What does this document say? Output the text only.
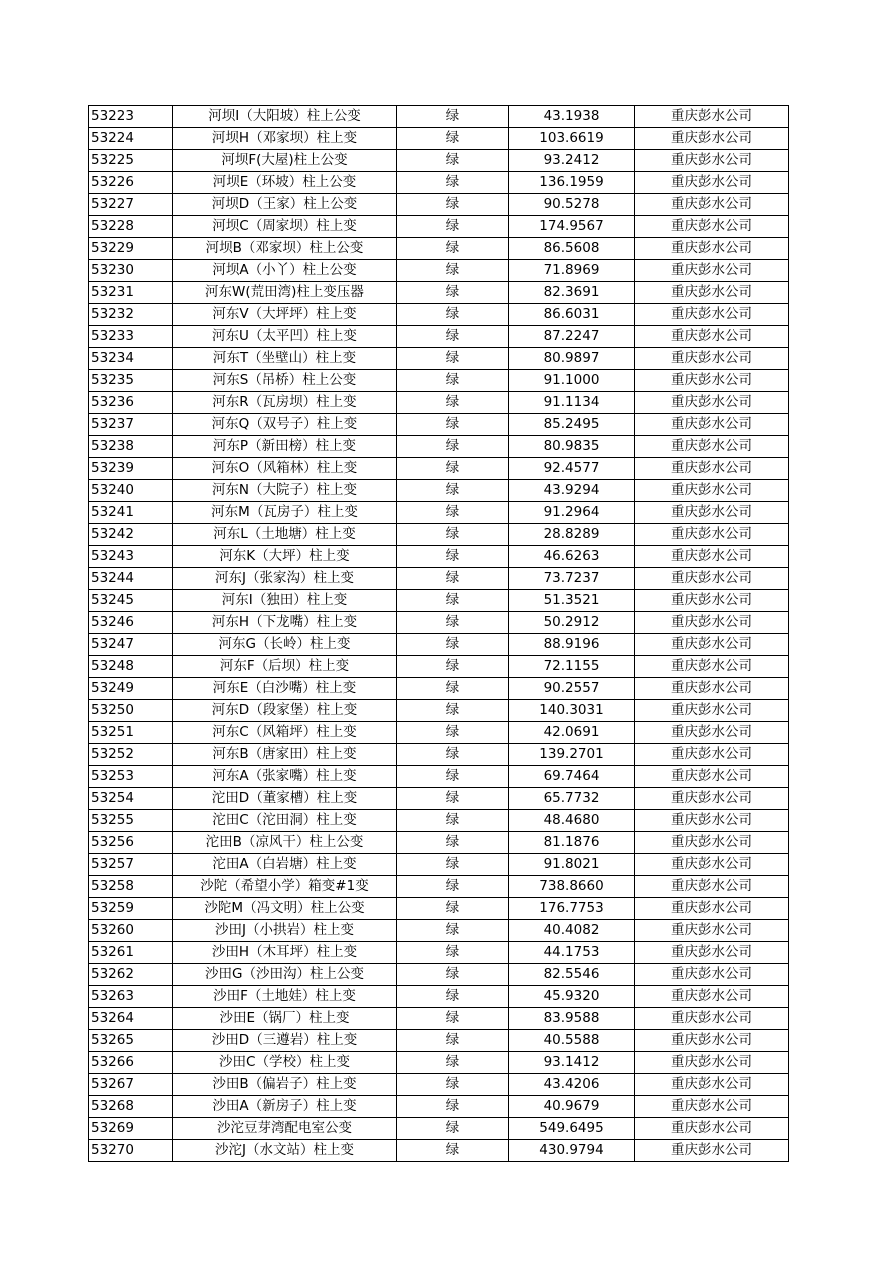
53223	河坝I（大阳坡）柱上公变	绿	43.1938	重庆彭水公司
53224	河坝H（邓家坝）柱上变	绿	103.6619	重庆彭水公司
53225	河坝F(大屋)柱上公变	绿	93.2412	重庆彭水公司
53226	河坝E（环坡）柱上公变	绿	136.1959	重庆彭水公司
53227	河坝D（王家）柱上公变	绿	90.5278	重庆彭水公司
53228	河坝C（周家坝）柱上变	绿	174.9567	重庆彭水公司
53229	河坝B（邓家坝）柱上公变	绿	86.5608	重庆彭水公司
53230	河坝A（小丫）柱上公变	绿	71.8969	重庆彭水公司
53231	河东W(荒田湾)柱上变压器	绿	82.3691	重庆彭水公司
53232	河东V（大坪坪）柱上变	绿	86.6031	重庆彭水公司
53233	河东U（太平凹）柱上变	绿	87.2247	重庆彭水公司
53234	河东T（坐壁山）柱上变	绿	80.9897	重庆彭水公司
53235	河东S（吊桥）柱上公变	绿	91.1000	重庆彭水公司
53236	河东R（瓦房坝）柱上变	绿	91.1134	重庆彭水公司
53237	河东Q（双号子）柱上变	绿	85.2495	重庆彭水公司
53238	河东P（新田榜）柱上变	绿	80.9835	重庆彭水公司
53239	河东O（风箱林）柱上变	绿	92.4577	重庆彭水公司
53240	河东N（大院子）柱上变	绿	43.9294	重庆彭水公司
53241	河东M（瓦房子）柱上变	绿	91.2964	重庆彭水公司
53242	河东L（土地塘）柱上变	绿	28.8289	重庆彭水公司
53243	河东K（大坪）柱上变	绿	46.6263	重庆彭水公司
53244	河东J（张家沟）柱上变	绿	73.7237	重庆彭水公司
53245	河东I（独田）柱上变	绿	51.3521	重庆彭水公司
53246	河东H（下龙嘴）柱上变	绿	50.2912	重庆彭水公司
53247	河东G（长岭）柱上变	绿	88.9196	重庆彭水公司
53248	河东F（后坝）柱上变	绿	72.1155	重庆彭水公司
53249	河东E（白沙嘴）柱上变	绿	90.2557	重庆彭水公司
53250	河东D（段家堡）柱上变	绿	140.3031	重庆彭水公司
53251	河东C（风箱坪）柱上变	绿	42.0691	重庆彭水公司
53252	河东B（唐家田）柱上变	绿	139.2701	重庆彭水公司
53253	河东A（张家嘴）柱上变	绿	69.7464	重庆彭水公司
53254	沱田D（董家槽）柱上变	绿	65.7732	重庆彭水公司
53255	沱田C（沱田洞）柱上变	绿	48.4680	重庆彭水公司
53256	沱田B（凉风干）柱上公变	绿	81.1876	重庆彭水公司
53257	沱田A（白岩塘）柱上变	绿	91.8021	重庆彭水公司
53258	沙陀（希望小学）箱变#1变	绿	738.8660	重庆彭水公司
53259	沙陀M（冯文明）柱上公变	绿	176.7753	重庆彭水公司
53260	沙田J（小拱岩）柱上变	绿	40.4082	重庆彭水公司
53261	沙田H（木耳坪）柱上变	绿	44.1753	重庆彭水公司
53262	沙田G（沙田沟）柱上公变	绿	82.5546	重庆彭水公司
53263	沙田F（土地娃）柱上变	绿	45.9320	重庆彭水公司
53264	沙田E（锅厂）柱上变	绿	83.9588	重庆彭水公司
53265	沙田D（三遵岩）柱上变	绿	40.5588	重庆彭水公司
53266	沙田C（学校）柱上变	绿	93.1412	重庆彭水公司
53267	沙田B（偏岩子）柱上变	绿	43.4206	重庆彭水公司
53268	沙田A（新房子）柱上变	绿	40.9679	重庆彭水公司
53269	沙沱豆芽湾配电室公变	绿	549.6495	重庆彭水公司
53270	沙沱J（水文站）柱上变	绿	430.9794	重庆彭水公司
